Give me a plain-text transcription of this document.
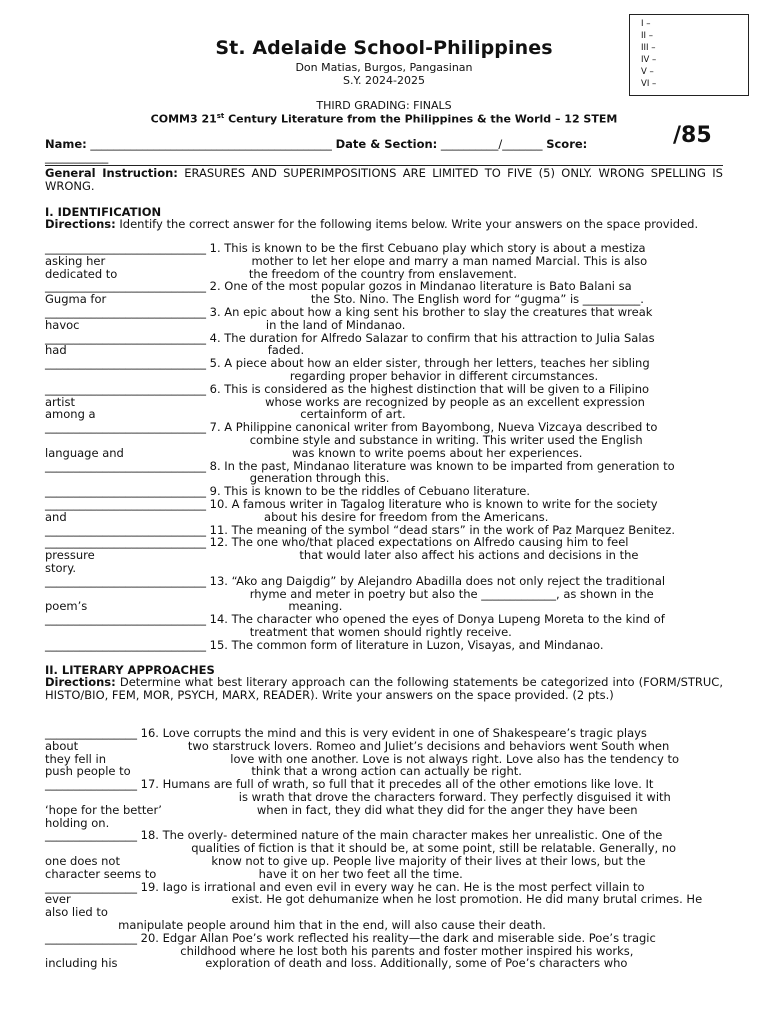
I –
II –
III –
IV –
V –
VI –
St. Adelaide School-Philippines
Don Matias, Burgos, Pangasinan
S.Y. 2024-2025
THIRD GRADING: FINALS
COMM3 21st Century Literature from the Philippines & the World – 12 STEM
Name: __________________________________________ Date & Section: __________/_______ Score:	/85
___________
General Instruction: ERASURES AND SUPERIMPOSITIONS ARE LIMITED TO FIVE (5) ONLY. WRONG SPELLING IS WRONG.
I. IDENTIFICATION
Directions: Identify the correct answer for the following items below. Write your answers on the space provided.
____________________________ 1. This is known to be the first Cebuano play which story is about a mestiza
asking her                                        mother to let her elope and marry a man named Marcial. This is also
dedicated to                                    the freedom of the country from enslavement.
____________________________ 2. One of the most popular gozos in Mindanao literature is Bato Balani sa
Gugma for                                                        the Sto. Nino. The English word for “gugma” is __________.
____________________________ 3. An epic about how a king sent his brother to slay the creatures that wreak
havoc                                                   in the land of Mindanao.
____________________________ 4. The duration for Alfredo Salazar to confirm that his attraction to Julia Salas
had                                                       faded.
____________________________ 5. A piece about how an elder sister, through her letters, teaches her sibling
regarding proper behavior in different circumstances.
____________________________ 6. This is considered as the highest distinction that will be given to a Filipino
artist                                                    whose works are recognized by people as an excellent expression
among a                                                        certainform of art.
____________________________ 7. A Philippine canonical writer from Bayombong, Nueva Vizcaya described to
combine style and substance in writing. This writer used the English
language and                                              was known to write poems about her experiences.
____________________________ 8. In the past, Mindanao literature was known to be imparted from generation to
generation through this.
____________________________ 9. This is known to be the riddles of Cebuano literature.
____________________________ 10. A famous writer in Tagalog literature who is known to write for the society
and                                                      about his desire for freedom from the Americans.
____________________________ 11. The meaning of the symbol “dead stars” in the work of Paz Marquez Benitez.
____________________________ 12. The one who/that placed expectations on Alfredo causing him to feel
pressure                                                        that would later also affect his actions and decisions in the
story.
____________________________ 13. “Ako ang Daigdig” by Alejandro Abadilla does not only reject the traditional
rhyme and meter in poetry but also the _____________, as shown in the
poem’s                                                       meaning.
____________________________ 14. The character who opened the eyes of Donya Lupeng Moreta to the kind of
treatment that women should rightly receive.
____________________________ 15. The common form of literature in Luzon, Visayas, and Mindanao.
II. LITERARY APPROACHES
Directions: Determine what best literary approach can the following statements be categorized into (FORM/STRUC, HISTO/BIO, FEM, MOR, PSYCH, MARX, READER). Write your answers on the space provided. (2 pts.)
________________ 16. Love corrupts the mind and this is very evident in one of Shakespeare’s tragic plays
about                              two starstruck lovers. Romeo and Juliet’s decisions and behaviors went South when
they fell in                                  love with one another. Love is not always right. Love also has the tendency to
push people to                                 think that a wrong action can actually be right.
________________ 17. Humans are full of wrath, so full that it precedes all of the other emotions like love. It
is wrath that drove the characters forward. They perfectly disguised it with
‘hope for the better’                          when in fact, they did what they did for the anger they have been
holding on.
________________ 18. The overly- determined nature of the main character makes her unrealistic. One of the
qualities of fiction is that it should be, at some point, still be relatable. Generally, no
one does not                         know not to give up. People live majority of their lives at their lows, but the
character seems to                            have it on her two feet all the time.
________________ 19. Iago is irrational and even evil in every way he can. He is the most perfect villain to
ever                                            exist. He got dehumanize when he lost promotion. He did many brutal crimes. He
also lied to
manipulate people around him that in the end, will also cause their death.
________________ 20. Edgar Allan Poe’s work reflected his reality—the dark and miserable side. Poe’s tragic
childhood where he lost both his parents and foster mother inspired his works,
including his                        exploration of death and loss. Additionally, some of Poe’s characters who
